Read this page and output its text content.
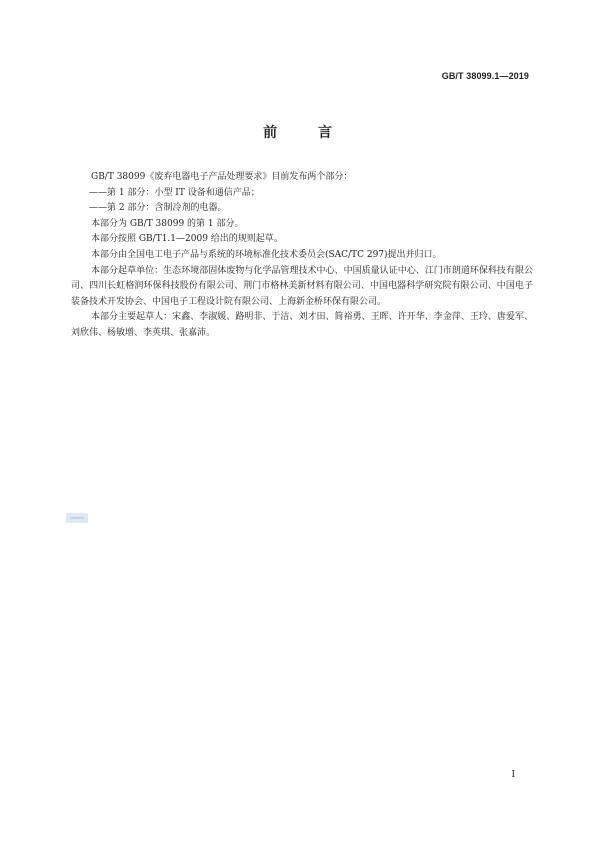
GB/T 38099.1—2019
前 言

GB/T 38099《废弃电器电子产品处理要求》目前发布两个部分：

——第 1 部分：小型 IT 设备和通信产品；

——第 2 部分：含制冷剂的电器。

本部分为 GB/T 38099 的第 1 部分。

本部分按照 GB/T1.1—2009 给出的规则起草。

本部分由全国电工电子产品与系统的环境标准化技术委员会(SAC/TC 297)提出并归口。

本部分起草单位：生态环境部固体废物与化学品管理技术中心、中国质量认证中心、江门市朗道环保科技有限公司、四川长虹格润环保科技股份有限公司、荆门市格林美新材料有限公司、中国电器科学研究院有限公司、中国电子装备技术开发协会、中国电子工程设计院有限公司、上海新金桥环保有限公司。

本部分主要起草人：宋鑫、李淑媛、路明非、于洁、刘才田、简裕勇、王晖、许开华、李金萍、王玲、唐爱军、刘欣伟、杨敏增、李英琪、张嘉沛。

I
